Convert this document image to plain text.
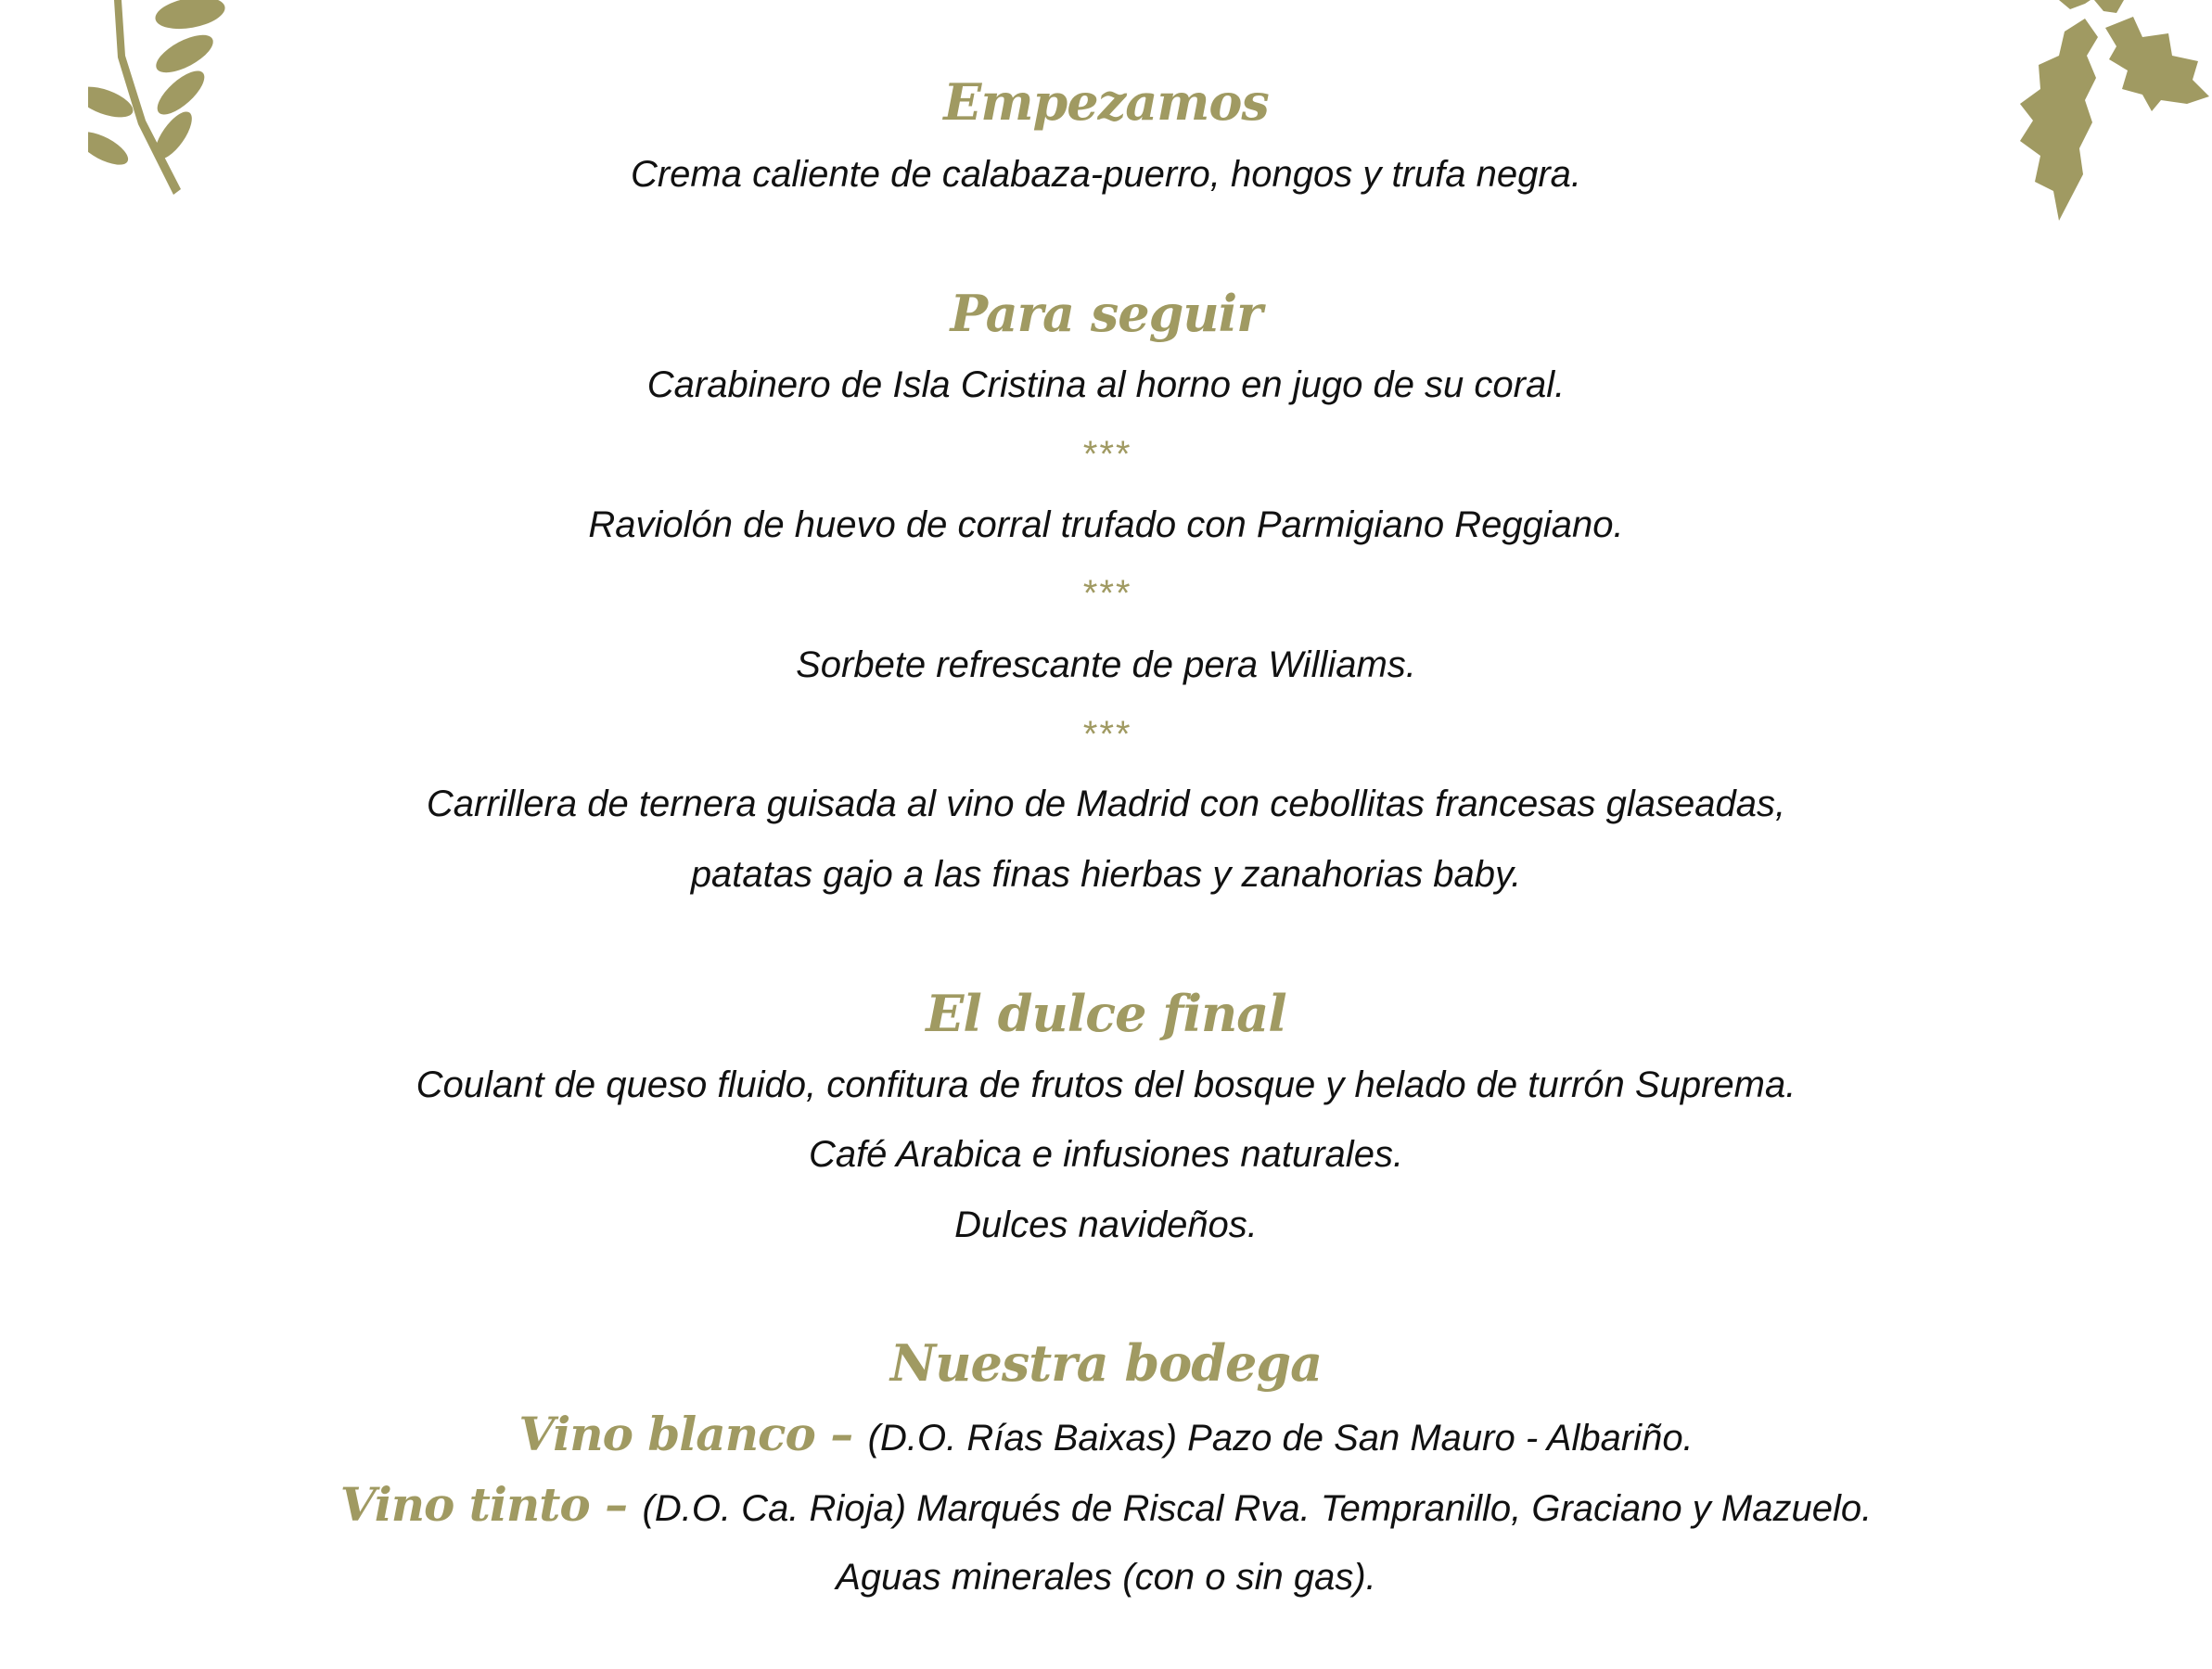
Empezamos
Crema caliente de calabaza-puerro, hongos y trufa negra.
Para seguir
Carabinero de Isla Cristina al horno en jugo de su coral.
***
Raviolón de huevo de corral trufado con Parmigiano Reggiano.
***
Sorbete refrescante de pera Williams.
***
Carrillera de ternera guisada al vino de Madrid con cebollitas francesas glaseadas,
patatas gajo a las finas hierbas y zanahorias baby.
El dulce final
Coulant de queso fluido, confitura de frutos del bosque y helado de turrón Suprema.
Café Arabica e infusiones naturales.
Dulces navideños.
Nuestra bodega
Vino blanco – (D.O. Rías Baixas) Pazo de San Mauro - Albariño.
Vino tinto – (D.O. Ca. Rioja) Marqués de Riscal Rva. Tempranillo, Graciano y Mazuelo.
Aguas minerales (con o sin gas).
